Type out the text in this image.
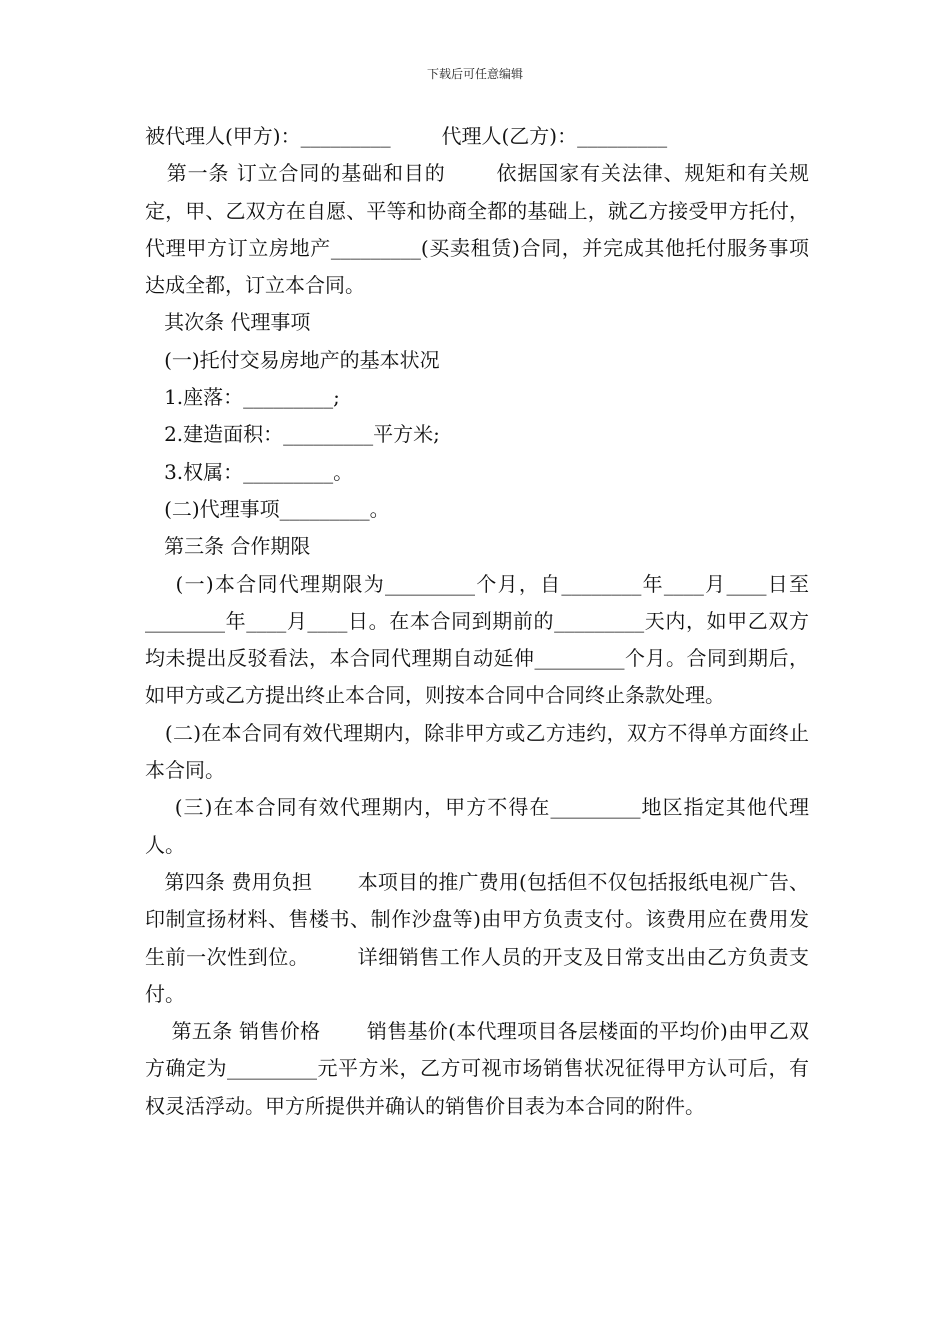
下载后可任意编辑

被代理人(甲方)：_________        代理人(乙方)：_________

第一条 订立合同的基础和目的       依据国家有关法律、规矩和有关规定，甲、乙双方在自愿、平等和协商全都的基础上，就乙方接受甲方托付，代理甲方订立房地产_________(买卖租赁)合同，并完成其他托付服务事项达成全都，订立本合同。

其次条 代理事项

(一)托付交易房地产的基本状况

1.座落：_________;

2.建造面积：_________平方米;

3.权属：_________。

(二)代理事项_________。

第三条 合作期限

(一)本合同代理期限为_________个月，自________年____月____日至________年____月____日。在本合同到期前的_________天内，如甲乙双方均未提出反驳看法，本合同代理期自动延伸_________个月。合同到期后，如甲方或乙方提出终止本合同，则按本合同中合同终止条款处理。

(二)在本合同有效代理期内，除非甲方或乙方违约，双方不得单方面终止本合同。

(三)在本合同有效代理期内，甲方不得在_________地区指定其他代理人。

第四条 费用负担       本项目的推广费用(包括但不仅包括报纸电视广告、印制宣扬材料、售楼书、制作沙盘等)由甲方负责支付。该费用应在费用发生前一次性到位。       详细销售工作人员的开支及日常支出由乙方负责支付。

第五条 销售价格       销售基价(本代理项目各层楼面的平均价)由甲乙双方确定为_________元平方米，乙方可视市场销售状况征得甲方认可后，有权灵活浮动。甲方所提供并确认的销售价目表为本合同的附件。
